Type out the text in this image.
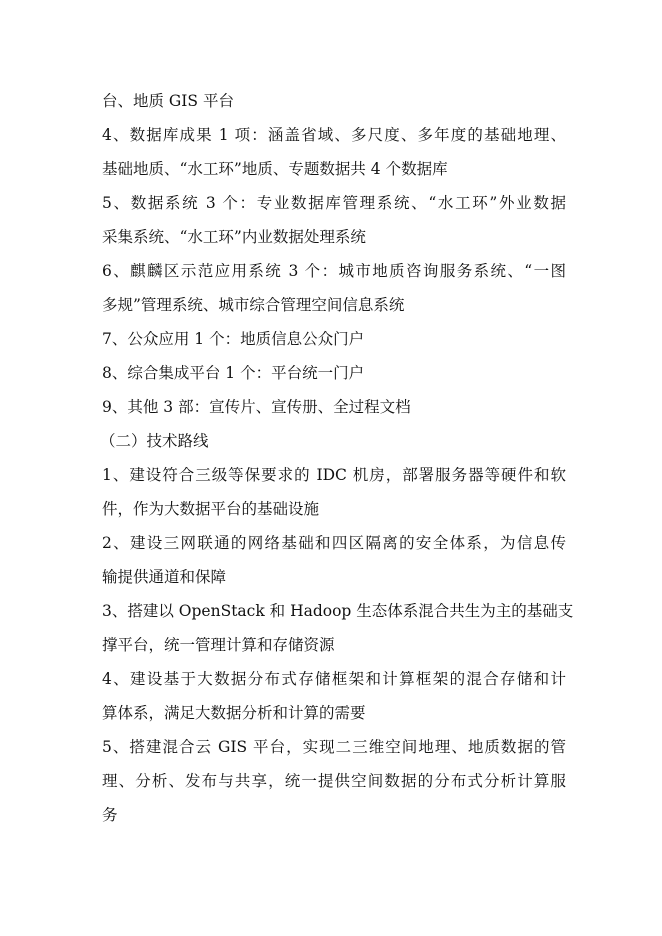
台、地质 GIS 平台
4、数据库成果 1 项：涵盖省域、多尺度、多年度的基础地理、
基础地质、“水工环”地质、专题数据共 4 个数据库
5、数据系统 3 个：专业数据库管理系统、“水工环”外业数据
采集系统、“水工环”内业数据处理系统
6、麒麟区示范应用系统 3 个：城市地质咨询服务系统、“一图
多规”管理系统、城市综合管理空间信息系统
7、公众应用 1 个：地质信息公众门户
8、综合集成平台 1 个：平台统一门户
9、其他 3 部：宣传片、宣传册、全过程文档
（二）技术路线
1、建设符合三级等保要求的 IDC 机房，部署服务器等硬件和软
件，作为大数据平台的基础设施
2、建设三网联通的网络基础和四区隔离的安全体系，为信息传
输提供通道和保障
3、搭建以 OpenStack 和 Hadoop 生态体系混合共生为主的基础支
撑平台，统一管理计算和存储资源
4、建设基于大数据分布式存储框架和计算框架的混合存储和计
算体系，满足大数据分析和计算的需要
5、搭建混合云 GIS 平台，实现二三维空间地理、地质数据的管
理、分析、发布与共享，统一提供空间数据的分布式分析计算服
务
